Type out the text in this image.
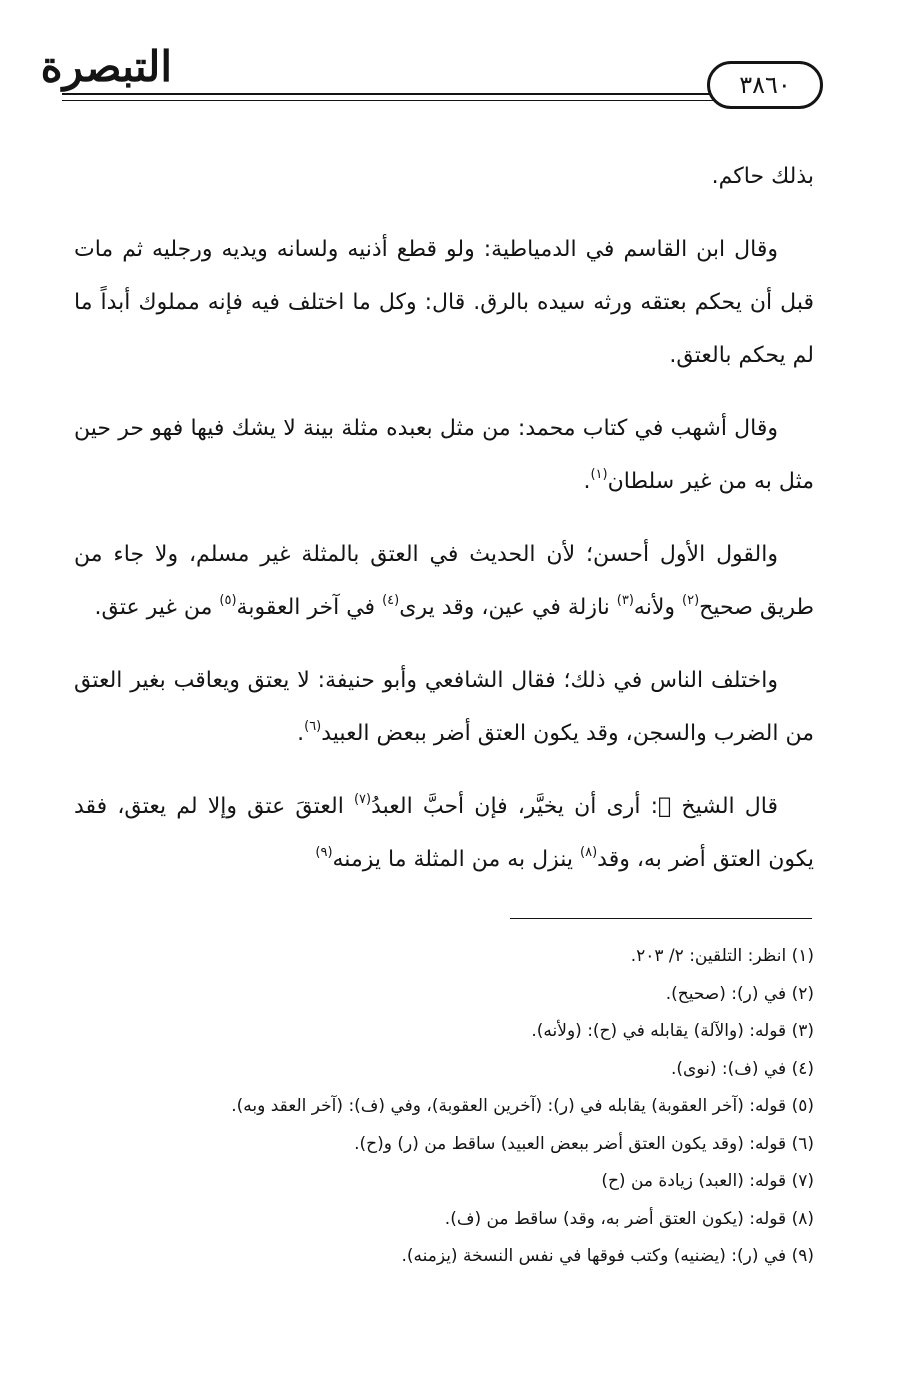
التبصرة	٣٨٦٠

بذلك حاكم.

وقال ابن القاسم في الدمياطية: ولو قطع أذنيه ولسانه ويديه ورجليه ثم مات قبل أن يحكم بعتقه ورثه سيده بالرق. قال: وكل ما اختلف فيه فإنه مملوك أبداً ما لم يحكم بالعتق.

وقال أشهب في كتاب محمد: من مثل بعبده مثلة بينة لا يشك فيها فهو حر حين مثل به من غير سلطان$^{(١)}$.

والقول الأول أحسن؛ لأن الحديث في العتق بالمثلة غير مسلم، ولا جاء من طريق صحيح$^{(٢)}$ ولأنه$^{(٣)}$ نازلة في عين، وقد يرى$^{(٤)}$ في آخر العقوبة$^{(٥)}$ من غير عتق.

واختلف الناس في ذلك؛ فقال الشافعي وأبو حنيفة: لا يعتق ويعاقب بغير العتق من الضرب والسجن، وقد يكون العتق أضر ببعض العبيد$^{(٦)}$.

قال الشيخ ﷬: أرى أن يخيَّر، فإن أحبَّ العبدُ$^{(٧)}$ العتقَ عتق وإلا لم يعتق، فقد يكون العتق أضر به، وقد$^{(٨)}$ ينزل به من المثلة ما يزمنه$^{(٩)}$

(١) انظر: التلقين: ٢/ ٢٠٣.
(٢) في (ر): (صحيح).
(٣) قوله: (والآلة) يقابله في (ح): (ولأنه).
(٤) في (ف): (نوى).
(٥) قوله: (آخر العقوبة) يقابله في (ر): (آخرين العقوبة)، وفي (ف): (آخر العقد وبه).
(٦) قوله: (وقد يكون العتق أضر ببعض العبيد) ساقط من (ر) و(ح).
(٧) قوله: (العبد) زيادة من (ح)
(٨) قوله: (يكون العتق أضر به، وقد) ساقط من (ف).
(٩) في (ر): (يضنيه) وكتب فوقها في نفس النسخة (يزمنه).
